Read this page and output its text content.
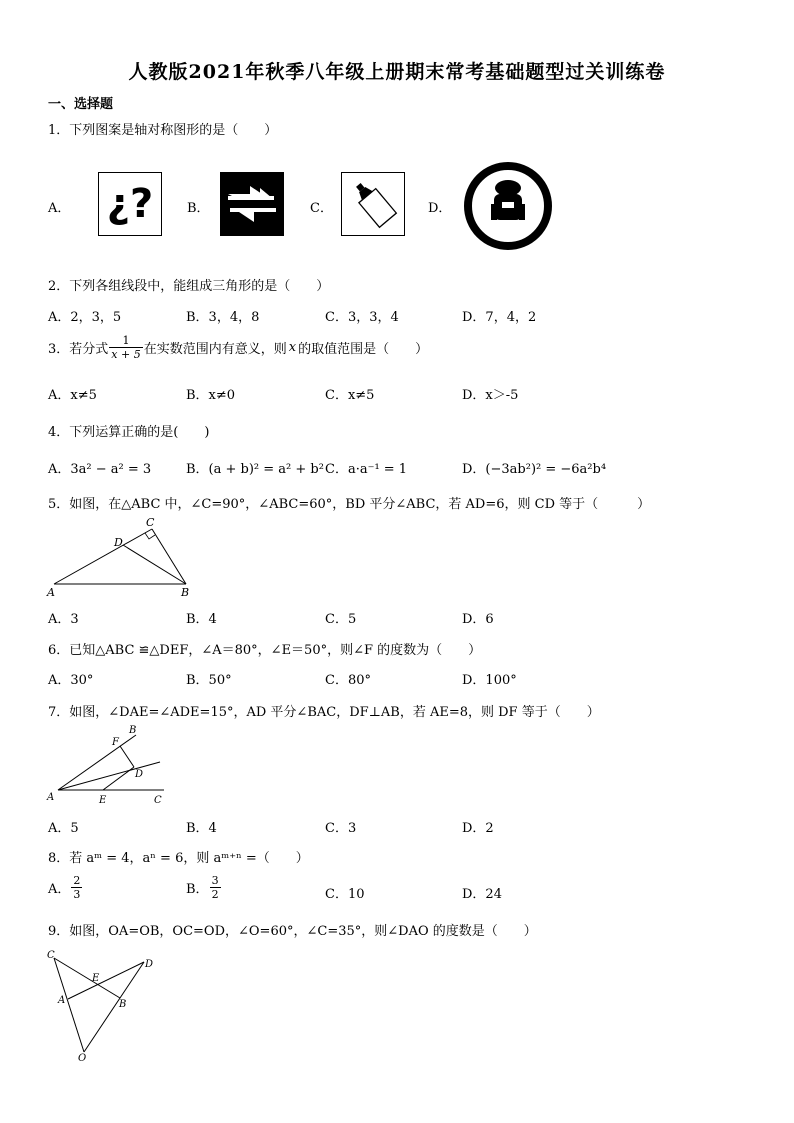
人教版2021年秋季八年级上册期末常考基础题型过关训练卷
一、选择题
1．下列图案是轴对称图形的是（　　）
A． ¿?	B．	C．	D．
2．下列各组线段中，能组成三角形的是（　　）
A．2，3，5	B．3，4，8	C．3，3，4	D．7，4，2
3．若分式 $\frac{1}{x + 5}$ 在实数范围内有意义，则 x 的取值范围是（　　）
A．x≠5	B．x≠0	C．x≠5	D．x＞-5
4．下列运算正确的是(　　)
A．3a² − a² = 3	B．(a + b)² = a² + b² C．a·a⁻¹ = 1	D．(−3ab²)² = −6a²b⁴
5．如图，在△ABC 中，∠C=90°，∠ABC=60°，BD 平分∠ABC，若 AD=6，则 CD 等于（　　　）
C
D
A	B
A．3	B．4	C．5	D．6
6．已知△ABC ≌△DEF，∠A＝80°，∠E＝50°，则∠F 的度数为（　　）
A．30°	B．50°	C．80°	D．100°
7．如图，∠DAE=∠ADE=15°，AD 平分∠BAC，DF⊥AB，若 AE=8，则 DF 等于（　　）
B
F
D
A	E	C
A．5	B．4	C．3	D．2
8．若 aᵐ = 4，aⁿ = 6，则 aᵐ⁺ⁿ =（　　）
A． $\frac{2}{3}$	B． $\frac{3}{2}$	C．10	D．24
9．如图，OA=OB，OC=OD，∠O=60°，∠C=35°，则∠DAO 的度数是（　　）
C
D
E
A	B
O
